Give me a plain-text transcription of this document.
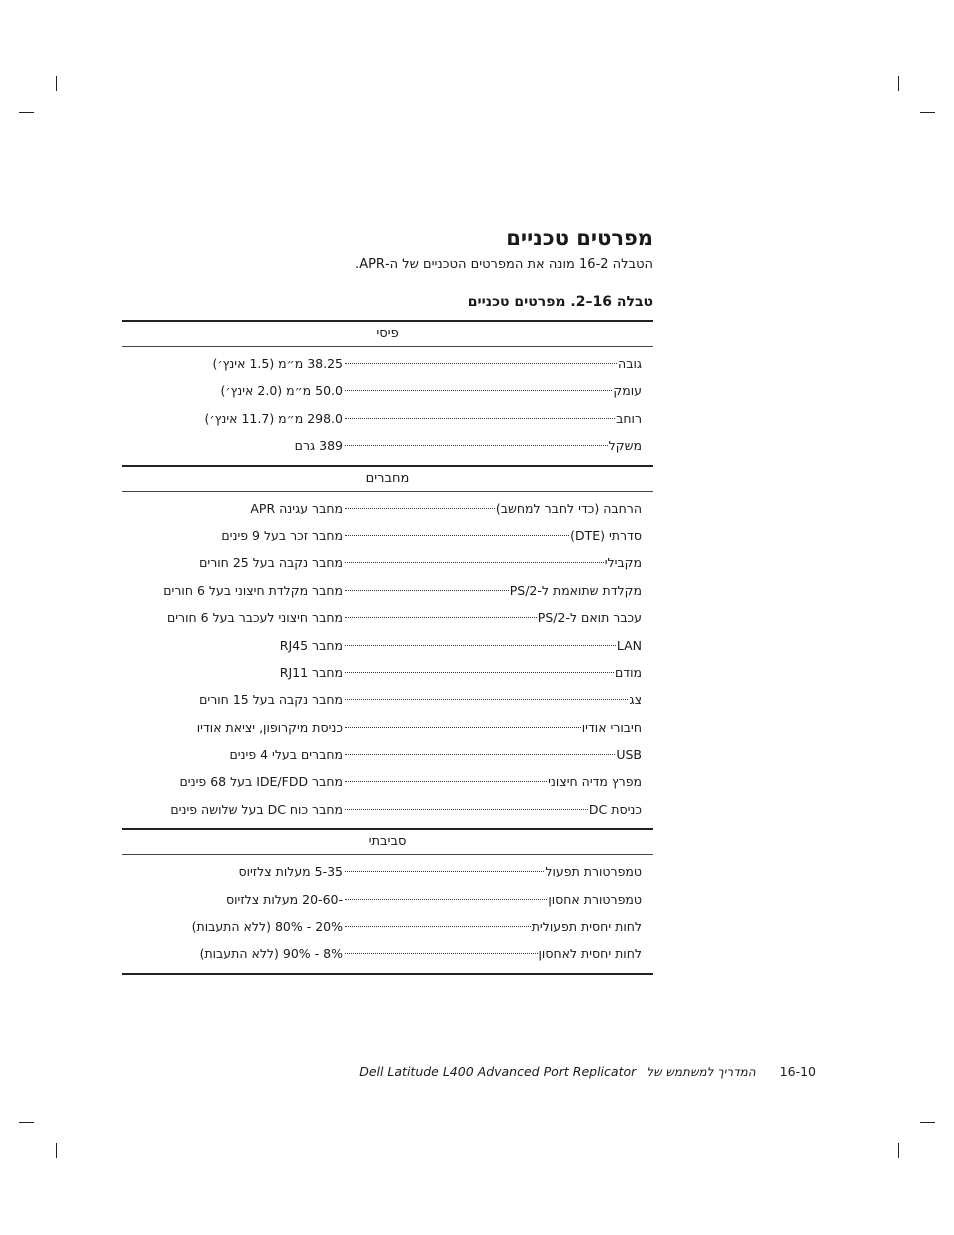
מפרטים טכניים
הטבלה 16-2 מונה את המפרטים הטכניים של ה-APR.
טבלה 16–2. מפרטים טכניים
פיסי
גובה
38.25 מ״מ (1.5 אינץ׳)
עומק
50.0 מ״מ (2.0 אינץ׳)
רוחב
298.0 מ״מ (11.7 אינץ׳)
משקל
389 גרם
מחברים
הרחבה (כדי לחבר למחשב)
מחבר עגינה APR
סדרתי (DTE)
מחבר זכר בעל 9 פינים
מקבילי
מחבר נקבה בעל 25 חורים
מקלדת שתואמת ל-PS/2
מחבר מקלדת חיצוני בעל 6 חורים
עכבר תואם ל-PS/2
מחבר חיצוני לעכבר בעל 6 חורים
LAN
מחבר RJ45
מודם
מחבר RJ11
צג
מחבר נקבה בעל 15 חורים
חיבורי אודיו
כניסת מיקרופון, יציאת אודיו
USB
מחברים בעלי 4 פינים
מפרץ מדיה חיצוני
מחבר IDE/FDD בעל 68 פינים
כניסת DC
מחבר כוח DC בעל שלושה פינים
סביבתי
טמפרטורת תפעול
5-35 מעלות צלזיוס
טמפרטורת אחסון
-20-60 מעלות צלזיוס
לחות יחסית תפעולית
20% - 80% (ללא התעבות)
לחות יחסית לאחסון
8% - 90% (ללא התעבות)
Dell Latitude L400 Advanced Port Replicator המדריך למשתמש של 16-10
